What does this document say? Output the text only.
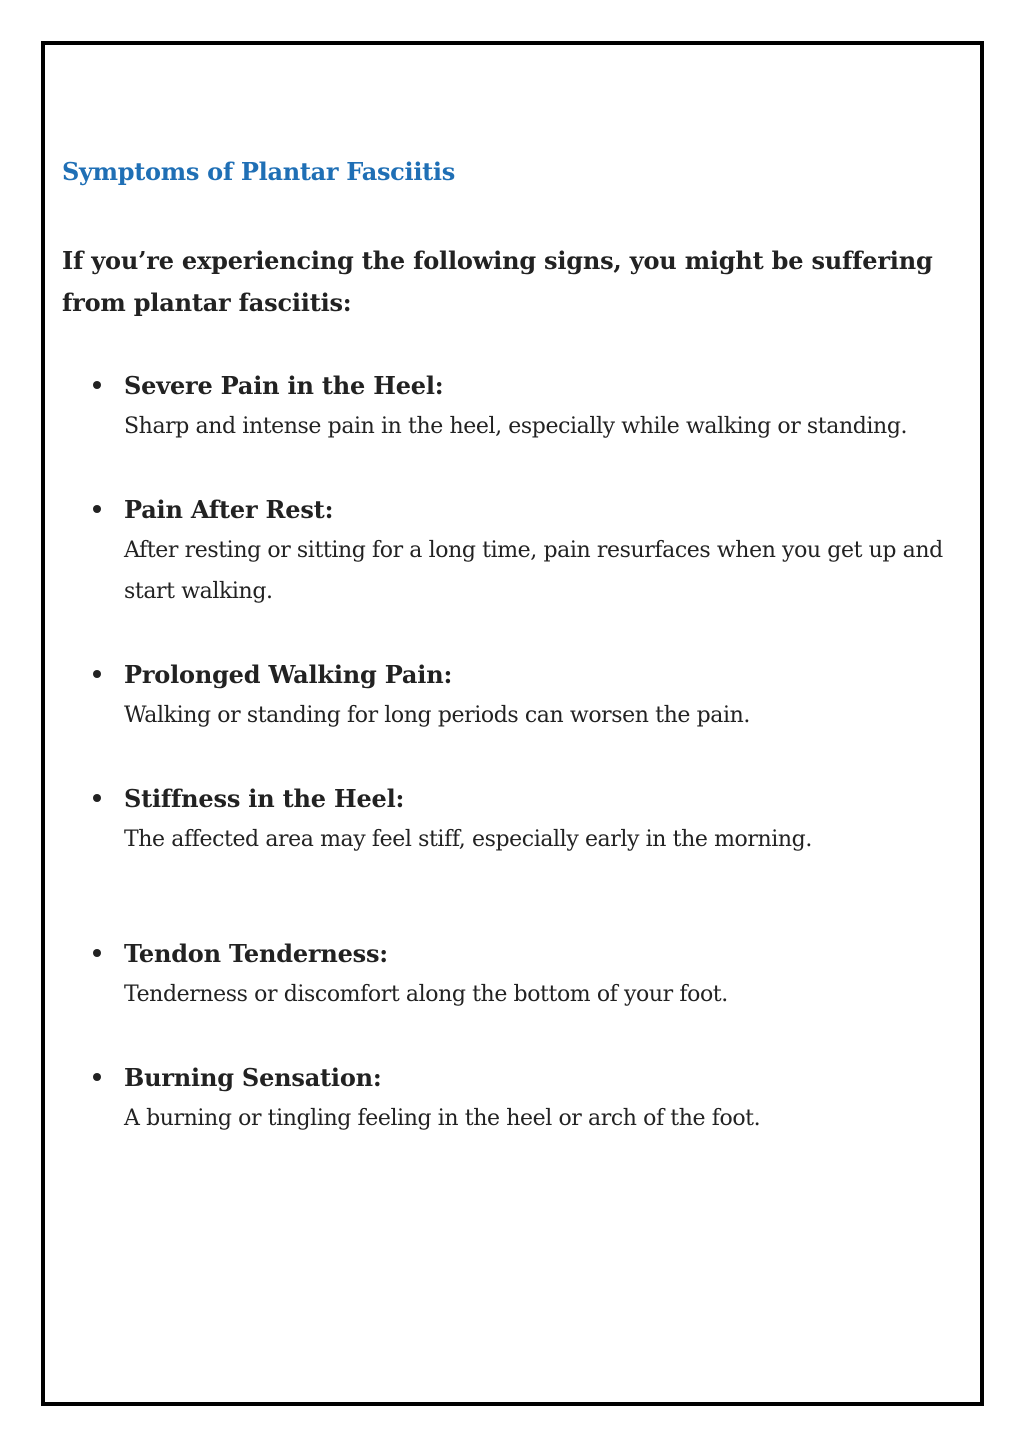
Symptoms of Plantar Fasciitis

If you’re experiencing the following signs, you might be suffering from plantar fasciitis:

Severe Pain in the Heel:

Sharp and intense pain in the heel, especially while walking or standing.

Pain After Rest:

After resting or sitting for a long time, pain resurfaces when you get up and start walking.

Prolonged Walking Pain:

Walking or standing for long periods can worsen the pain.

Stiffness in the Heel:

The affected area may feel stiff, especially early in the morning.

Tendon Tenderness:

Tenderness or discomfort along the bottom of your foot.

Burning Sensation:

A burning or tingling feeling in the heel or arch of the foot.
